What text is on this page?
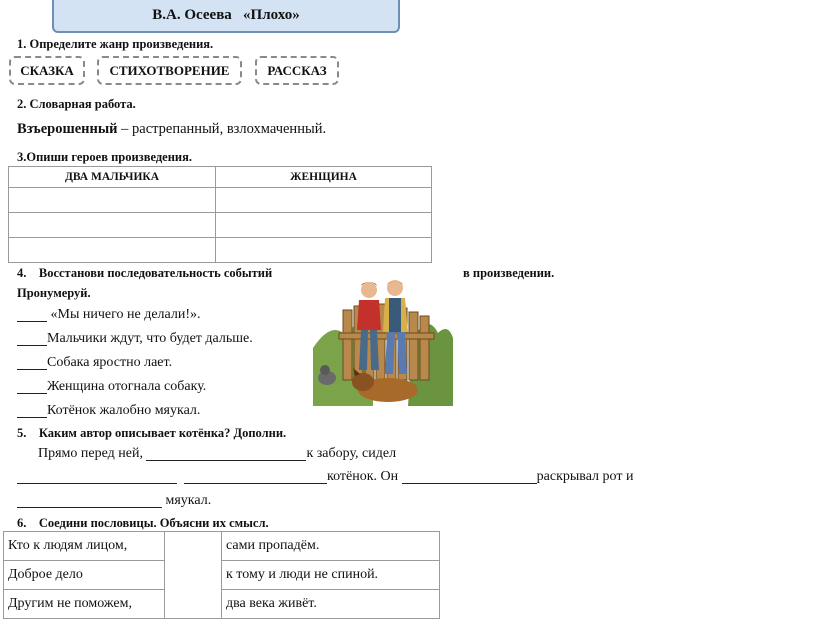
В.А. Осеева   «Плохо»
1. Определите жанр произведения.
СКАЗКА	СТИХОТВОРЕНИЕ	РАССКАЗ
2. Словарная работа.
Взъерошенный – растрепанный, взлохмаченный.
3.Опиши героев произведения.
ДВА МАЛЬЧИКА	ЖЕНЩИНА

4.    Восстанови последовательность событий	в произведении.
Пронумеруй.
«Мы ничего не делали!».
Мальчики ждут, что будет дальше.
Собака яростно лает.
Женщина отогнала собаку.
Котёнок жалобно мяукал.
5.    Каким автор описывает котёнка? Дополни.
Прямо перед ней,	к забору, сидел
котёнок. Он	раскрывал рот и
мяукал.
6.    Соедини пословицы. Объясни их смысл.
Кто к людям лицом,		сами пропадём.
Доброе дело		к тому и люди не спиной.
Другим не поможем,		два века живёт.
